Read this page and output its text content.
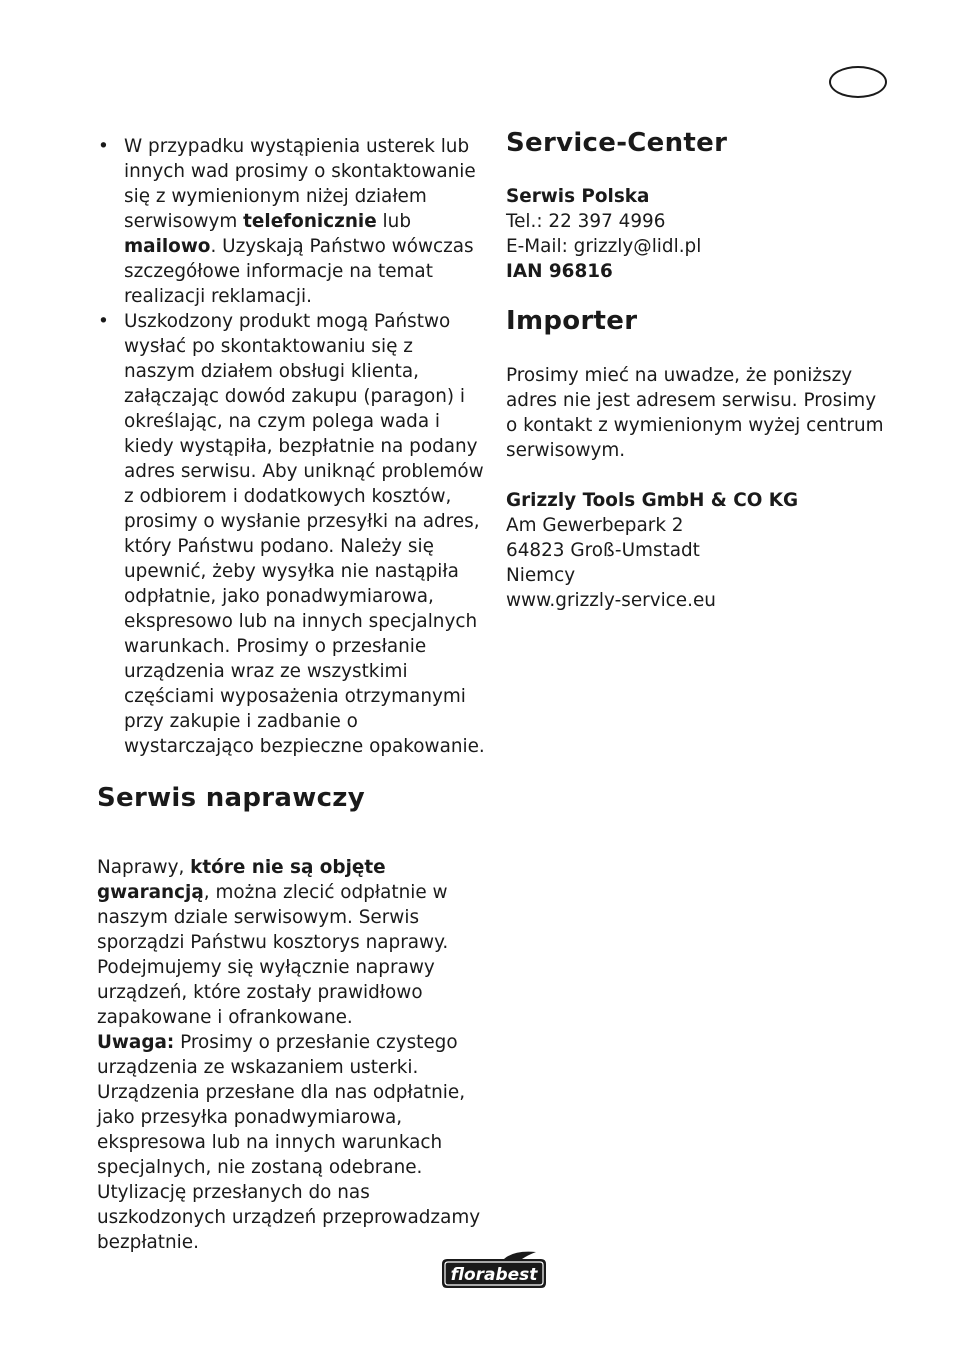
• W przypadku wystąpienia usterek lub innych wad prosimy o skontaktowanie się z wymienionym niżej działem serwisowym telefonicznie lub mailowo. Uzyskają Państwo wówczas szczegółowe informacje na temat realizacji reklamacji.
• Uszkodzony produkt mogą Państwo wysłać po skontaktowaniu się z naszym działem obsługi klienta, załączając dowód zakupu (paragon) i określając, na czym polega wada i kiedy wystąpiła, bezpłatnie na podany adres serwisu. Aby uniknąć problemów z odbiorem i dodatkowych kosztów, prosimy o wysłanie przesyłki na adres, który Państwu podano. Należy się upewnić, żeby wysyłka nie nastąpiła odpłatnie, jako ponadwymiarowa, ekspresowo lub na innych specjalnych warunkach. Prosimy o przesłanie urządzenia wraz ze wszystkimi częściami wyposażenia otrzymanymi przy zakupie i zadbanie o wystarczająco bezpieczne opakowanie.
Serwis naprawczy

Naprawy, które nie są objęte gwarancją, można zlecić odpłatnie w naszym dziale serwisowym. Serwis sporządzi Państwu kosztorys naprawy.
Podejmujemy się wyłącznie naprawy urządzeń, które zostały prawidłowo zapakowane i ofrankowane.
Uwaga: Prosimy o przesłanie czystego urządzenia ze wskazaniem usterki. Urządzenia przesłane dla nas odpłatnie, jako przesyłka ponadwymiarowa, ekspresowa lub na innych warunkach specjalnych, nie zostaną odebrane.
Utylizację przesłanych do nas uszkodzonych urządzeń przeprowadzamy bezpłatnie.

Service-Center

Serwis Polska
Tel.: 22 397 4996
E-Mail: grizzly@lidl.pl
IAN 96816

Importer

Prosimy mieć na uwadze, że poniższy adres nie jest adresem serwisu. Prosimy o kontakt z wymienionym wyżej centrum serwisowym.

Grizzly Tools GmbH & CO KG
Am Gewerbepark 2
64823 Groß-Umstadt
Niemcy
www.grizzly-service.eu

florabest
